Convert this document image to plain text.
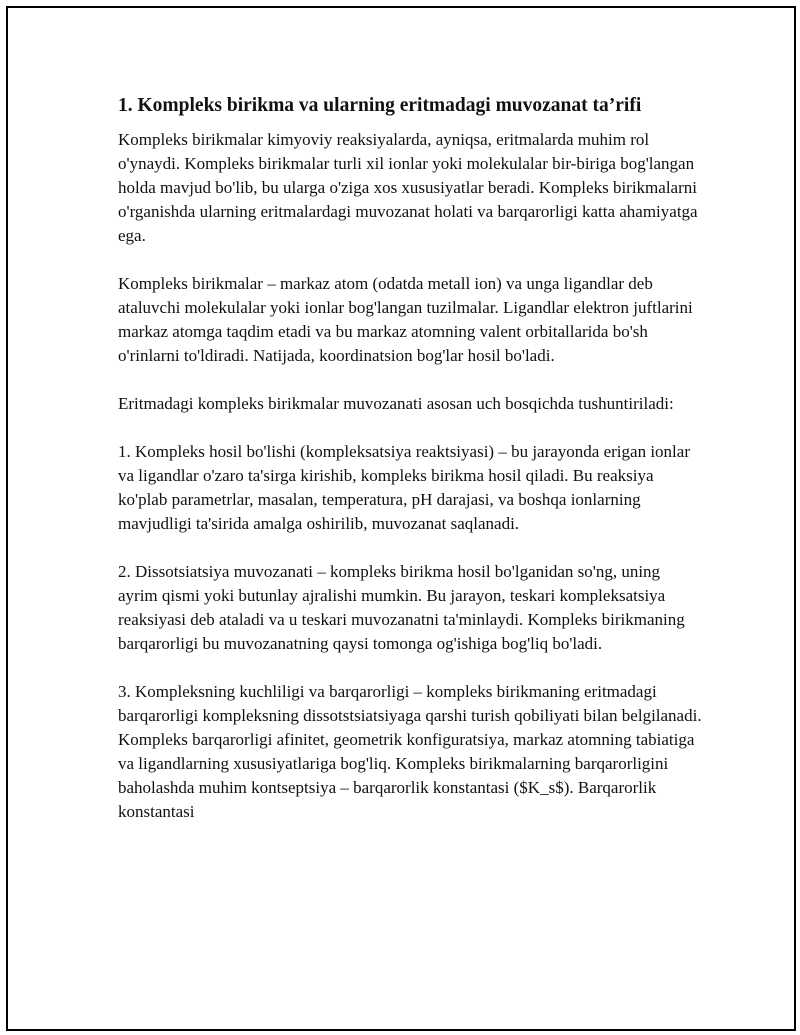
1. Kompleks birikma va ularning eritmadagi muvozanat ta’rifi

Kompleks birikmalar kimyoviy reaksiyalarda, ayniqsa, eritmalarda muhim rol o'ynaydi. Kompleks birikmalar turli xil ionlar yoki molekulalar bir-biriga bog'langan holda mavjud bo'lib, bu ularga o'ziga xos xususiyatlar beradi. Kompleks birikmalarni o'rganishda ularning eritmalardagi muvozanat holati va barqarorligi katta ahamiyatga ega.

Kompleks birikmalar – markaz atom (odatda metall ion) va unga ligandlar deb ataluvchi molekulalar yoki ionlar bog'langan tuzilmalar. Ligandlar elektron juftlarini markaz atomga taqdim etadi va bu markaz atomning valent orbitallarida bo'sh o'rinlarni to'ldiradi. Natijada, koordinatsion bog'lar hosil bo'ladi.

Eritmadagi kompleks birikmalar muvozanati asosan uch bosqichda tushuntiriladi:

1. Kompleks hosil bo'lishi (kompleksatsiya reaktsiyasi) – bu jarayonda erigan ionlar va ligandlar o'zaro ta'sirga kirishib, kompleks birikma hosil qiladi. Bu reaksiya ko'plab parametrlar, masalan, temperatura, pH darajasi, va boshqa ionlarning mavjudligi ta'sirida amalga oshirilib, muvozanat saqlanadi.

2. Dissotsiatsiya muvozanati – kompleks birikma hosil bo'lganidan so'ng, uning ayrim qismi yoki butunlay ajralishi mumkin. Bu jarayon, teskari kompleksatsiya reaksiyasi deb ataladi va u teskari muvozanatni ta'minlaydi. Kompleks birikmaning barqarorligi bu muvozanatning qaysi tomonga og'ishiga bog'liq bo'ladi.

3. Kompleksning kuchliligi va barqarorligi – kompleks birikmaning eritmadagi barqarorligi kompleksning dissotstsiatsiyaga qarshi turish qobiliyati bilan belgilanadi. Kompleks barqarorligi afinitet, geometrik konfiguratsiya, markaz atomning tabiatiga va ligandlarning xususiyatlariga bog'liq. Kompleks birikmalarning barqarorligini baholashda muhim kontseptsiya – barqarorlik konstantasi ($K_s$). Barqarorlik konstantasi
